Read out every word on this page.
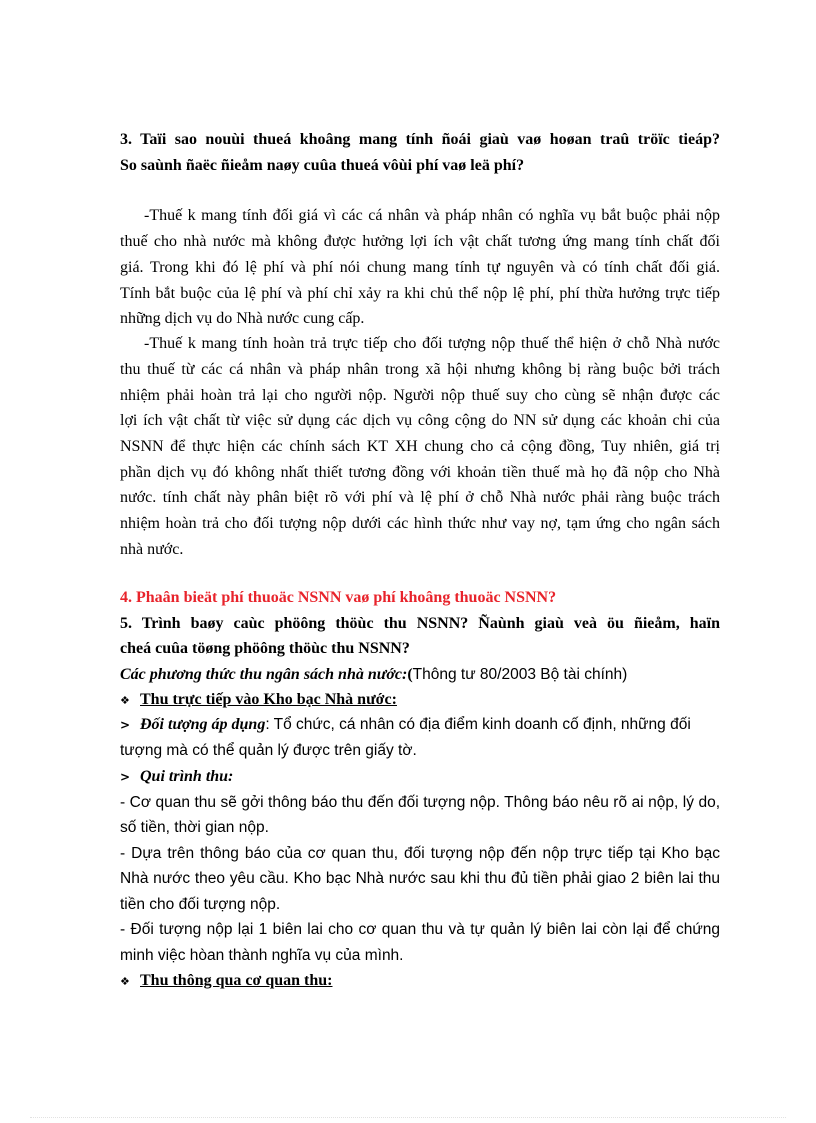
3. Taïi sao nouùi thueá khoâng mang tính ñoái giaù vaø hoøan traû tröïc tieáp?
So saùnh ñaëc ñieåm naøy cuûa thueá vôùi phí vaø leä phí?
-Thuế k mang tính đối giá vì các cá nhân và pháp nhân có nghĩa vụ bắt buộc phải nộp
thuế cho nhà nước mà không được hưởng lợi ích vật chất tương ứng mang tính chất đối
giá. Trong khi đó lệ phí và phí nói chung mang tính tự nguyên và có tính chất đối giá.
Tính bắt buộc của lệ phí và phí chỉ xảy ra khi chủ thể nộp lệ phí, phí thừa hưởng trực tiếp
những dịch vụ do Nhà nước cung cấp.
-Thuế k mang tính hoàn trả trực tiếp cho đối tượng nộp thuế thể hiện ở chỗ Nhà nước
thu thuế từ các cá nhân và pháp nhân trong xã hội nhưng không bị ràng buộc bởi trách
nhiệm phải hoàn trả lại cho người nộp. Người nộp thuế suy cho cùng sẽ nhận được các
lợi ích vật chất từ việc sử dụng các dịch vụ công cộng do NN sử dụng các khoản chi của
NSNN để thực hiện các chính sách KT XH chung cho cả cộng đồng, Tuy nhiên, giá trị
phần dịch vụ đó không nhất thiết tương đồng với khoản tiền thuế mà họ đã nộp cho Nhà
nước. tính chất này phân biệt rõ với phí và lệ phí ở chỗ Nhà nước phải ràng buộc trách
nhiệm hoàn trả cho đối tượng nộp dưới các hình thức như vay nợ, tạm ứng cho ngân sách
nhà nước.
4. Phaân bieät phí thuoäc NSNN vaø phí khoâng thuoäc NSNN?
5. Trình baøy caùc phöông thöùc thu NSNN? Ñaùnh giaù veà öu ñieåm, haïn
cheá cuûa töøng phöông thöùc thu NSNN?
Các phương thức thu ngân sách nhà nước:(Thông tư 80/2003 Bộ tài chính)
❖ Thu trực tiếp vào Kho bạc Nhà nước:
> Đối tượng áp dụng: Tổ chức, cá nhân có địa điểm kinh doanh cố định, những đối
tượng mà có thể quản lý được trên giấy tờ.
> Qui trình thu:
- Cơ quan thu sẽ gởi thông báo thu đến đối tượng nộp. Thông báo nêu rõ ai nộp, lý do,
số tiền, thời gian nộp.
- Dựa trên thông báo của cơ quan thu, đối tượng nộp đến nộp trực tiếp tại Kho bạc
Nhà nước theo yêu cầu. Kho bạc Nhà nước sau khi thu đủ tiền phải giao 2 biên lai thu
tiền cho đối tượng nộp.
- Đối tượng nộp lại 1 biên lai cho cơ quan thu và tự quản lý biên lai còn lại để chứng
minh việc hòan thành nghĩa vụ của mình.
❖ Thu thông qua cơ quan thu:
